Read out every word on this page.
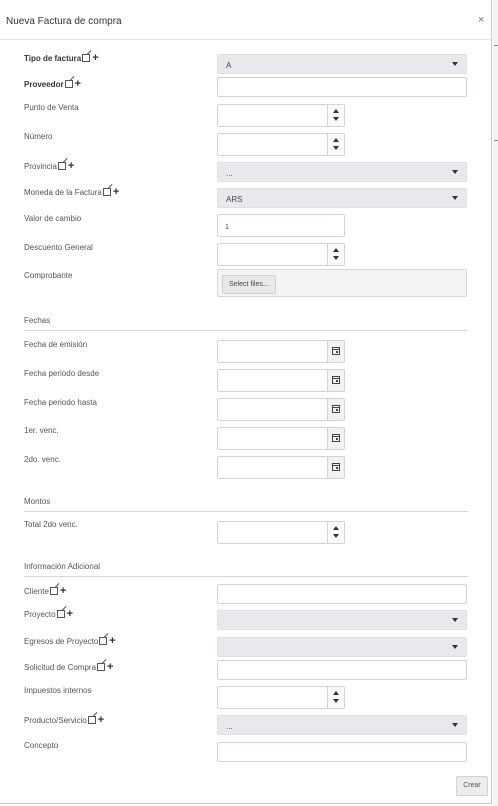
Nueva Factura de compra	×
Tipo de factura +
A
Proveedor +
Punto de Venta
Número
Provincia +
...
Moneda de la Factura +
ARS
Valor de cambio
1
Descuento General
Comprobante
Select files...
Fechas
Fecha de emisión
Fecha periodo desde
Fecha periodo hasta
1er. venc.
2do. venc.
Montos
Total 2do venc.
Información Adicional
Cliente +
Proyecto +
Egresos de Proyecto +
Solicitud de Compra +
Impuestos internos
Producto/Servicio +
...
Concepto
Crear
